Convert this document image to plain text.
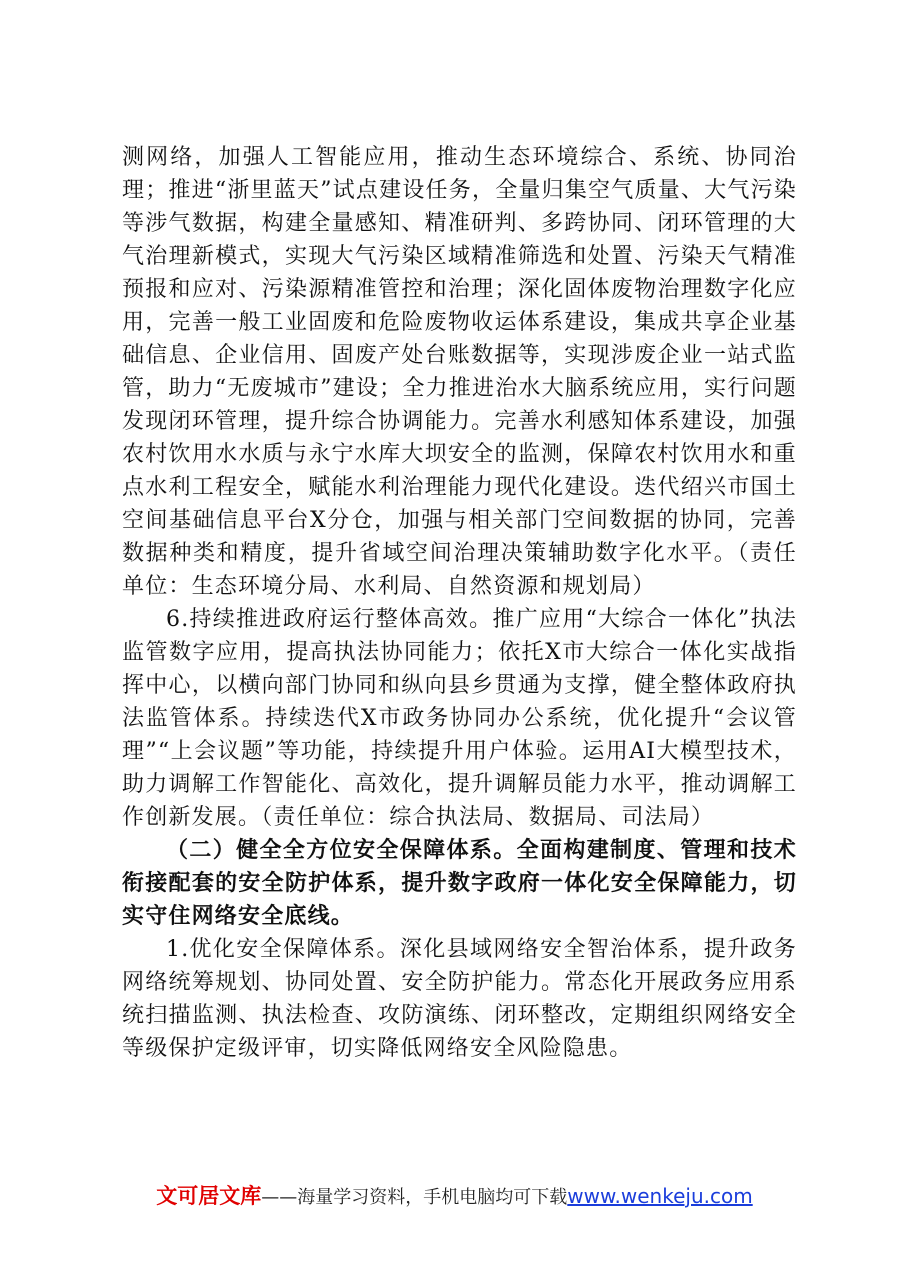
测网络，加强人工智能应用，推动生态环境综合、系统、协同治理；推进“浙里蓝天”试点建设任务，全量归集空气质量、大气污染等涉气数据，构建全量感知、精准研判、多跨协同、闭环管理的大气治理新模式，实现大气污染区域精准筛选和处置、污染天气精准预报和应对、污染源精准管控和治理；深化固体废物治理数字化应用，完善一般工业固废和危险废物收运体系建设，集成共享企业基础信息、企业信用、固废产处台账数据等，实现涉废企业一站式监管，助力“无废城市”建设；全力推进治水大脑系统应用，实行问题发现闭环管理，提升综合协调能力。完善水利感知体系建设，加强农村饮用水水质与永宁水库大坝安全的监测，保障农村饮用水和重点水利工程安全，赋能水利治理能力现代化建设。迭代绍兴市国土空间基础信息平台X分仓，加强与相关部门空间数据的协同，完善数据种类和精度，提升省域空间治理决策辅助数字化水平。（责任单位：生态环境分局、水利局、自然资源和规划局）

6.持续推进政府运行整体高效。推广应用“大综合一体化”执法监管数字应用，提高执法协同能力；依托X市大综合一体化实战指挥中心，以横向部门协同和纵向县乡贯通为支撑，健全整体政府执法监管体系。持续迭代X市政务协同办公系统，优化提升“会议管理”“上会议题”等功能，持续提升用户体验。运用AI大模型技术，助力调解工作智能化、高效化，提升调解员能力水平，推动调解工作创新发展。（责任单位：综合执法局、数据局、司法局）

（二）健全全方位安全保障体系。全面构建制度、管理和技术衔接配套的安全防护体系，提升数字政府一体化安全保障能力，切实守住网络安全底线。

1.优化安全保障体系。深化县域网络安全智治体系，提升政务网络统筹规划、协同处置、安全防护能力。常态化开展政务应用系统扫描监测、执法检查、攻防演练、闭环整改，定期组织网络安全等级保护定级评审，切实降低网络安全风险隐患。

文可居文库——海量学习资料，手机电脑均可下载www.wenkeju.com
